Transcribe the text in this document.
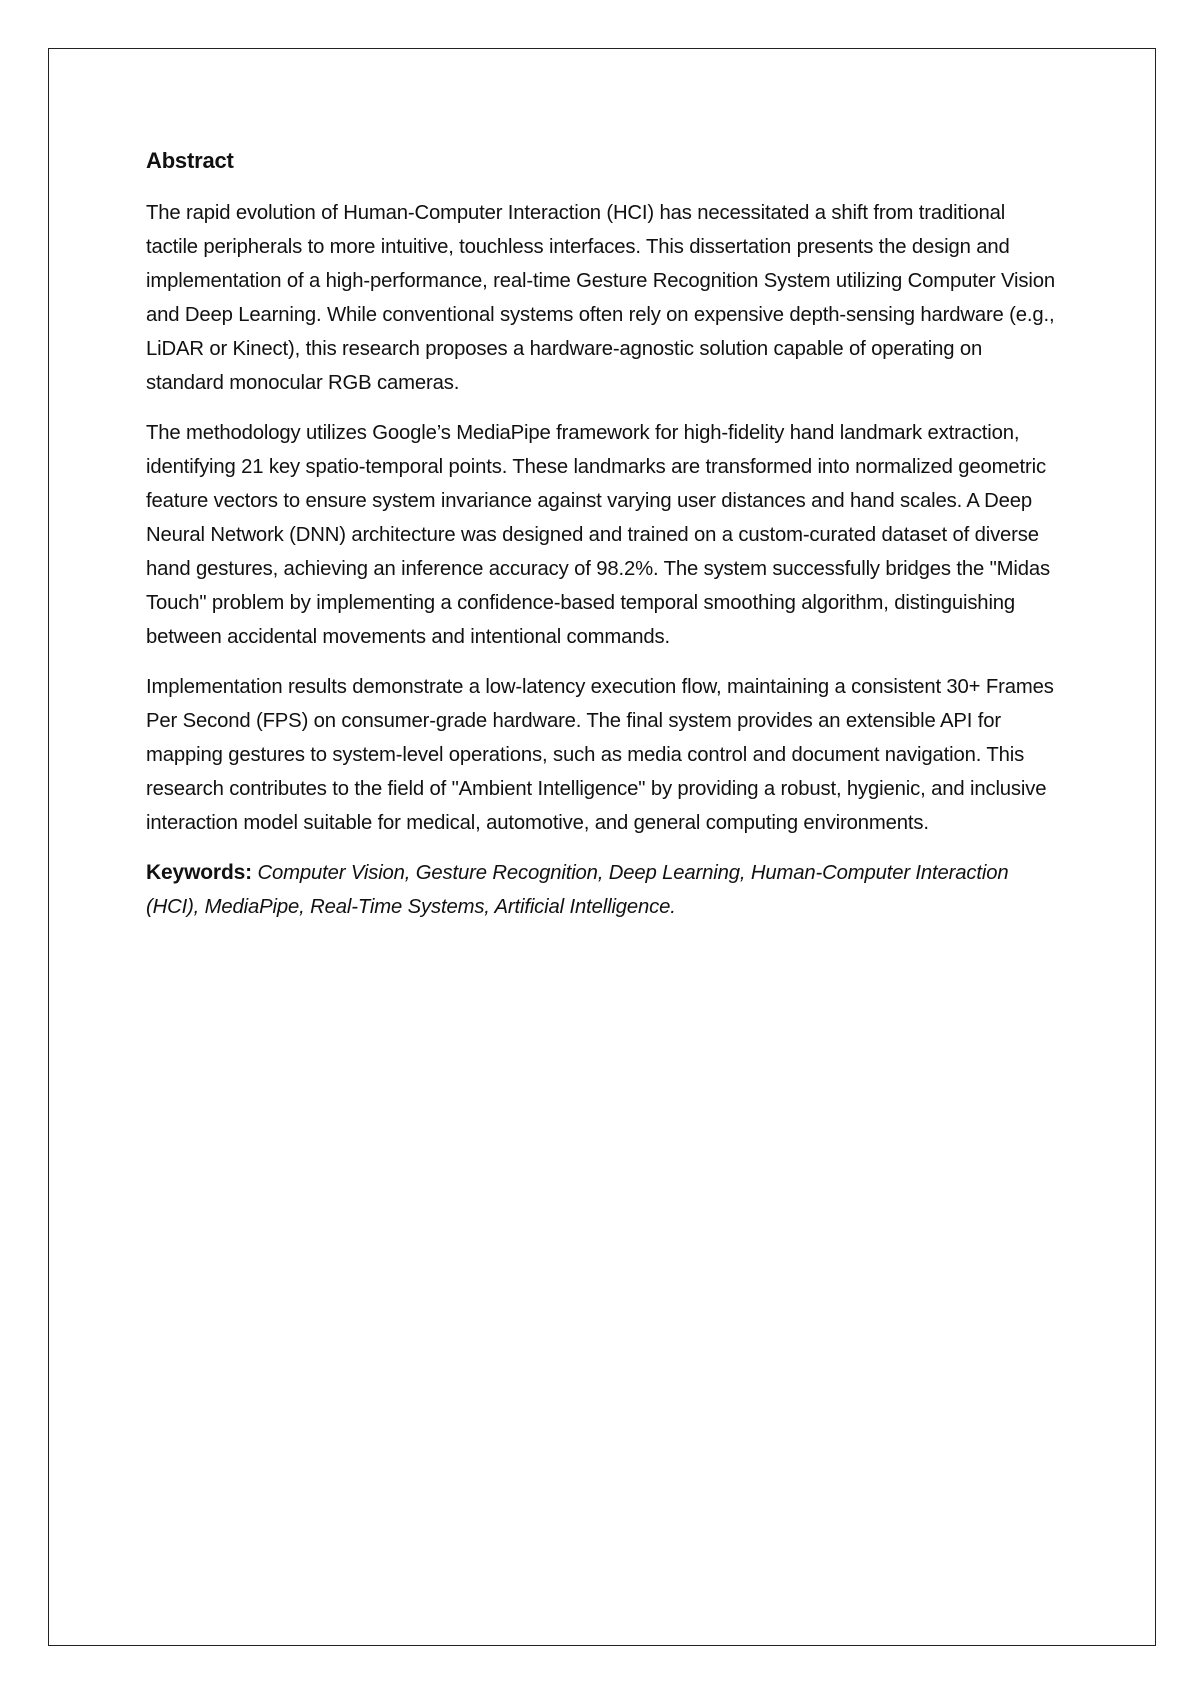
Abstract

The rapid evolution of Human-Computer Interaction (HCI) has necessitated a shift from traditional tactile peripherals to more intuitive, touchless interfaces. This dissertation presents the design and implementation of a high-performance, real-time Gesture Recognition System utilizing Computer Vision and Deep Learning. While conventional systems often rely on expensive depth-sensing hardware (e.g., LiDAR or Kinect), this research proposes a hardware-agnostic solution capable of operating on standard monocular RGB cameras.

The methodology utilizes Google’s MediaPipe framework for high-fidelity hand landmark extraction, identifying 21 key spatio-temporal points. These landmarks are transformed into normalized geometric feature vectors to ensure system invariance against varying user distances and hand scales. A Deep Neural Network (DNN) architecture was designed and trained on a custom-curated dataset of diverse hand gestures, achieving an inference accuracy of 98.2%. The system successfully bridges the "Midas Touch" problem by implementing a confidence-based temporal smoothing algorithm, distinguishing between accidental movements and intentional commands.

Implementation results demonstrate a low-latency execution flow, maintaining a consistent 30+ Frames Per Second (FPS) on consumer-grade hardware. The final system provides an extensible API for mapping gestures to system-level operations, such as media control and document navigation. This research contributes to the field of "Ambient Intelligence" by providing a robust, hygienic, and inclusive interaction model suitable for medical, automotive, and general computing environments.

Keywords: Computer Vision, Gesture Recognition, Deep Learning, Human-Computer Interaction (HCI), MediaPipe, Real-Time Systems, Artificial Intelligence.
